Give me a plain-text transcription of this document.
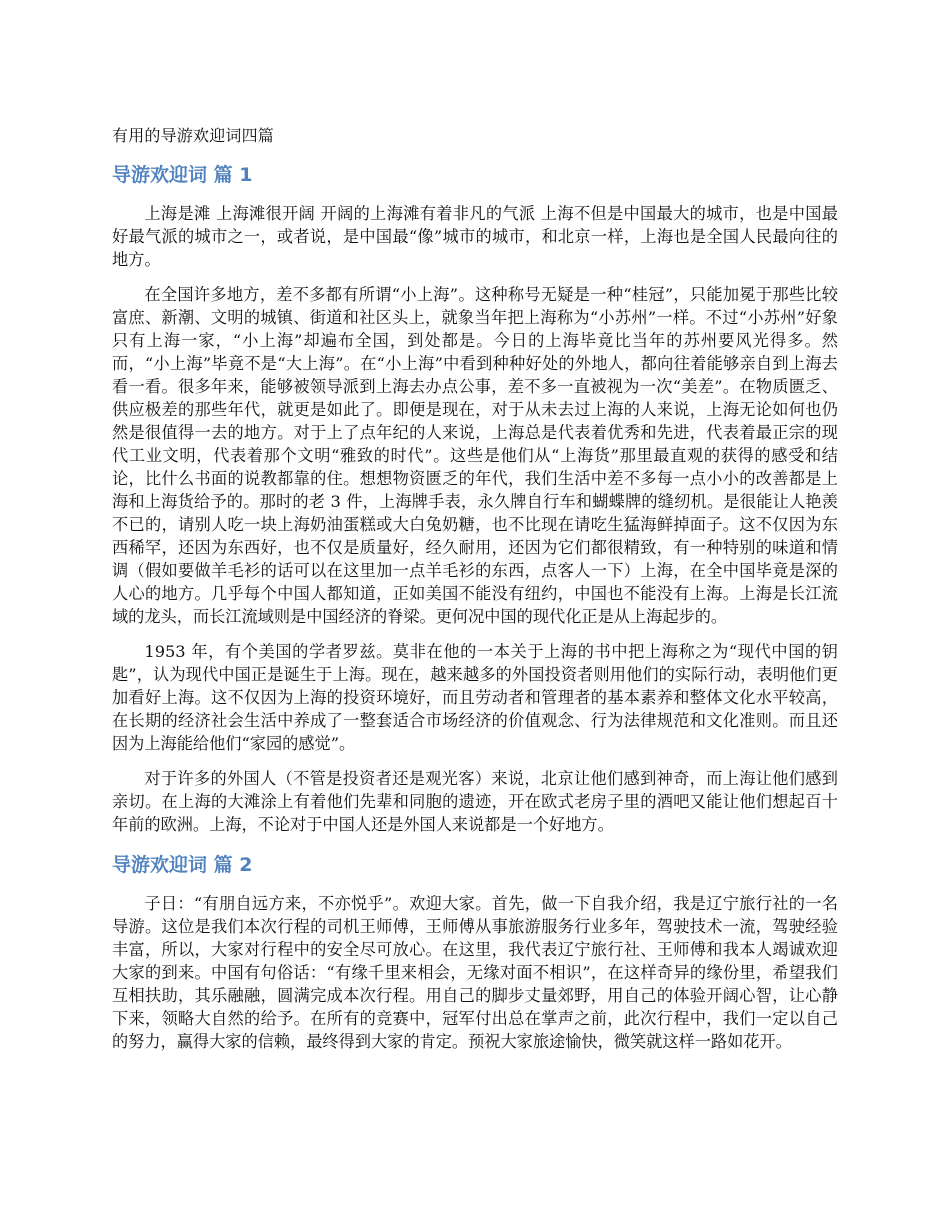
有用的导游欢迎词四篇
导游欢迎词 篇 1

上海是滩 上海滩很开阔 开阔的上海滩有着非凡的气派 上海不但是中国最大的城市，也是中国最好最气派的城市之一，或者说，是中国最“像”城市的城市，和北京一样，上海也是全国人民最向往的地方。

在全国许多地方，差不多都有所谓“小上海”。这种称号无疑是一种“桂冠”，只能加冕于那些比较富庶、新潮、文明的城镇、街道和社区头上，就象当年把上海称为“小苏州”一样。不过“小苏州”好象只有上海一家，“小上海”却遍布全国，到处都是。今日的上海毕竟比当年的苏州要风光得多。然而，“小上海”毕竟不是“大上海”。在“小上海”中看到种种好处的外地人，都向往着能够亲自到上海去看一看。很多年来，能够被领导派到上海去办点公事，差不多一直被视为一次“美差”。在物质匮乏、供应极差的那些年代，就更是如此了。即便是现在，对于从未去过上海的人来说，上海无论如何也仍然是很值得一去的地方。对于上了点年纪的人来说，上海总是代表着优秀和先进，代表着最正宗的现代工业文明，代表着那个文明“雅致的时代”。这些是他们从“上海货”那里最直观的获得的感受和结论，比什么书面的说教都靠的住。想想物资匮乏的年代，我们生活中差不多每一点小小的改善都是上海和上海货给予的。那时的老 3 件，上海牌手表，永久牌自行车和蝴蝶牌的缝纫机。是很能让人艳羡不已的，请别人吃一块上海奶油蛋糕或大白兔奶糖，也不比现在请吃生猛海鲜掉面子。这不仅因为东西稀罕，还因为东西好，也不仅是质量好，经久耐用，还因为它们都很精致，有一种特别的味道和情调（假如要做羊毛衫的话可以在这里加一点羊毛衫的东西，点客人一下）上海，在全中国毕竟是深的人心的地方。几乎每个中国人都知道，正如美国不能没有纽约，中国也不能没有上海。上海是长江流域的龙头，而长江流域则是中国经济的脊梁。更何况中国的现代化正是从上海起步的。

1953 年，有个美国的学者罗兹。莫非在他的一本关于上海的书中把上海称之为“现代中国的钥匙”，认为现代中国正是诞生于上海。现在，越来越多的外国投资者则用他们的实际行动，表明他们更加看好上海。这不仅因为上海的投资环境好，而且劳动者和管理者的基本素养和整体文化水平较高，在长期的经济社会生活中养成了一整套适合市场经济的价值观念、行为法律规范和文化准则。而且还因为上海能给他们“家园的感觉”。

对于许多的外国人（不管是投资者还是观光客）来说，北京让他们感到神奇，而上海让他们感到亲切。在上海的大滩涂上有着他们先辈和同胞的遗迹，开在欧式老房子里的酒吧又能让他们想起百十年前的欧洲。上海，不论对于中国人还是外国人来说都是一个好地方。

导游欢迎词 篇 2

子日：“有朋自远方来，不亦悦乎”。欢迎大家。首先，做一下自我介绍，我是辽宁旅行社的一名导游。这位是我们本次行程的司机王师傅，王师傅从事旅游服务行业多年，驾驶技术一流，驾驶经验丰富，所以，大家对行程中的安全尽可放心。在这里，我代表辽宁旅行社、王师傅和我本人竭诚欢迎大家的到来。中国有句俗话：“有缘千里来相会，无缘对面不相识”，在这样奇异的缘份里，希望我们互相扶助，其乐融融，圆满完成本次行程。用自己的脚步丈量郊野，用自己的体验开阔心智，让心静下来，领略大自然的给予。在所有的竞赛中，冠军付出总在掌声之前，此次行程中，我们一定以自己的努力，赢得大家的信赖，最终得到大家的肯定。预祝大家旅途愉快，微笑就这样一路如花开。
